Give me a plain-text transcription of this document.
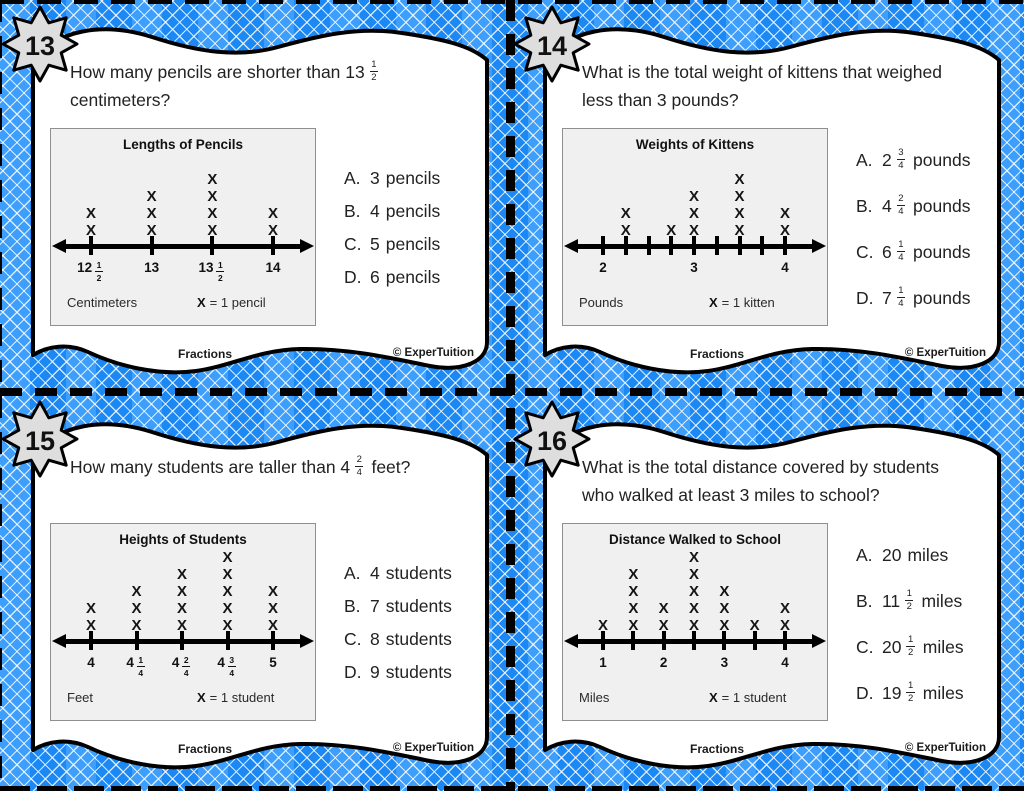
13
How many pencils are shorter than $13 \frac{1}{2}$
centimeters?
Lengths of Pencils
X
X
$12 \frac{1}{2}$
X
X
X
13
X
X
X
X
$13 \frac{1}{2}$
X
X
14
Centimeters	X = 1 pencil
A. 3 pencils
B. 4 pencils
C. 5 pencils
D. 6 pencils
Fractions	© ExperTuition
14
What is the total weight of kittens that weighed
less than 3 pounds?
Weights of Kittens
2
X
X X
X
X
X
3
X
X
X
X
X
X
4
Pounds	X = 1 kitten
A. $2 \frac{3}{4}$ pounds
B. $4 \frac{2}{4}$ pounds
C. $6 \frac{1}{4}$ pounds
D. $7 \frac{1}{4}$ pounds
Fractions	© ExperTuition
15
How many students are taller than $4 \frac{2}{4}$ feet?
Heights of Students
X
X
4
X
X
X
$4 \frac{1}{4}$
X
X
X
X
$4 \frac{2}{4}$
X
X
X
X
X
$4 \frac{3}{4}$
X
X
X
5
Feet	X = 1 student
A. 4 students
B. 7 students
C. 8 students
D. 9 students
Fractions	© ExperTuition
16
What is the total distance covered by students
who walked at least 3 miles to school?
Distance Walked to School
X
1
X
X
X
X
X
X
2
X
X
X
X
X
X
X
X
3
X
X
X
4
Miles	X = 1 student
A. 20 miles
B. $11 \frac{1}{2}$ miles
C. $20 \frac{1}{2}$ miles
D. $19 \frac{1}{2}$ miles
Fractions	© ExperTuition
